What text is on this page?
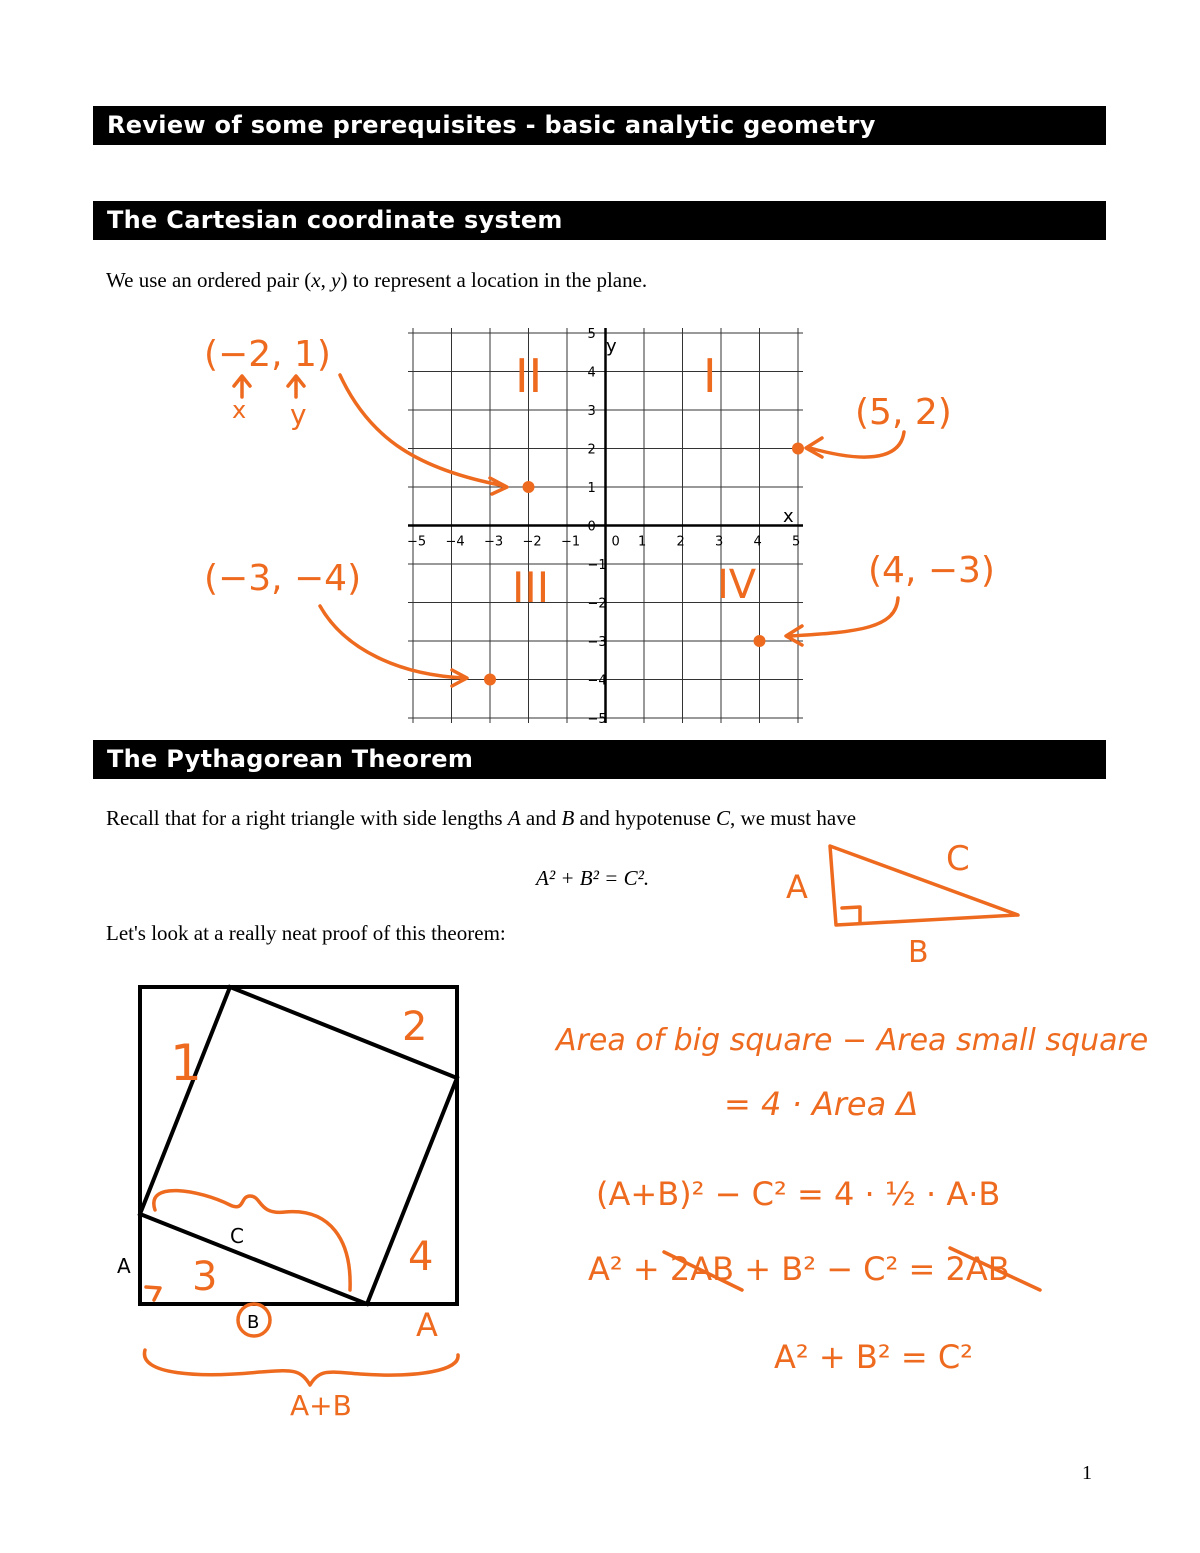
Review of some prerequisites - basic analytic geometry
The Cartesian coordinate system
We use an ordered pair (x, y) to represent a location in the plane.
−5 −4 −3 −2 −1 0 1 2 3 4 5
5
4
3
2
1
0
−1
−2
−3
−4
−5
y
x
II	I
III	IV
(−2, 1)
(5, 2)
(−3, −4)	(4, −3)
x y
The Pythagorean Theorem
Recall that for a right triangle with side lengths A and B and hypotenuse C, we must have
A² + B² = C².
Let's look at a really neat proof of this theorem:
A
B
C
C
A
B
1
2
3	4
A
A+B
Area of big square − Area small square
= 4 · Area Δ
(A+B)² − C² = 4 · ½ · A·B
A² + 2AB + B² − C² = 2AB
A² + B² = C²
1
